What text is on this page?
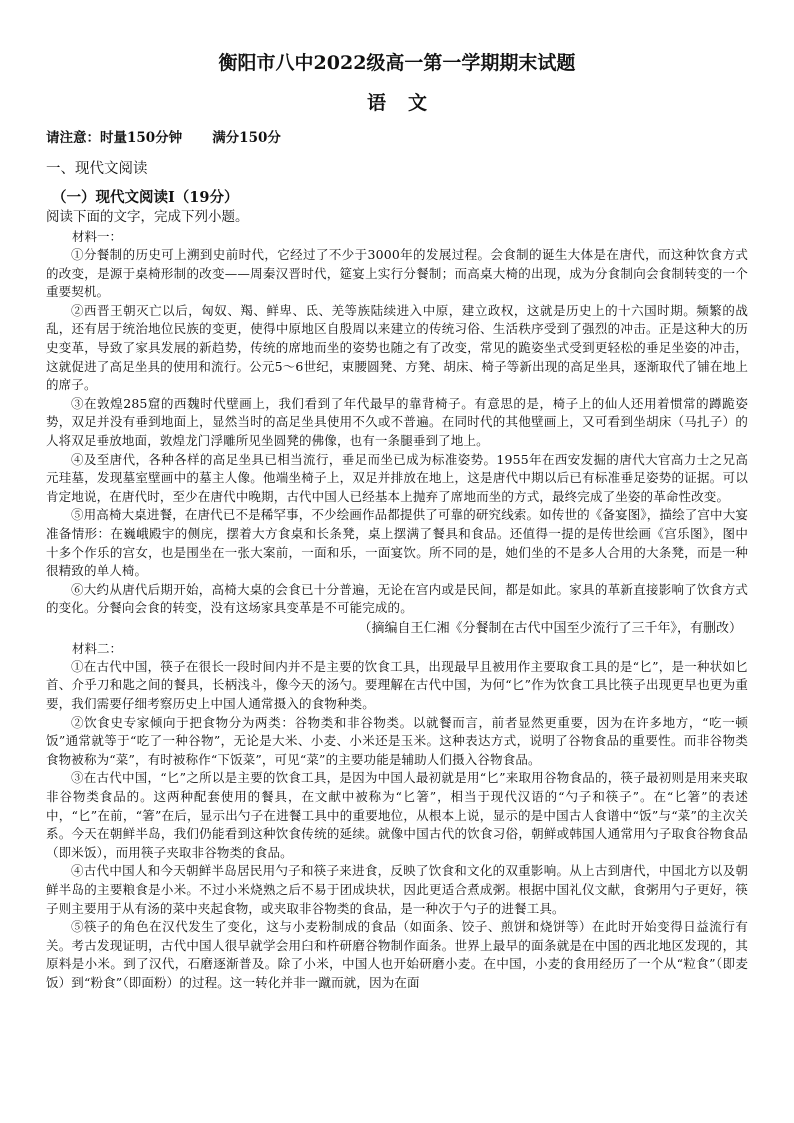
衡阳市八中2022级高一第一学期期末试题
语文
请注意：时量150分钟 满分150分
一、现代文阅读
（一）现代文阅读Ⅰ（19分）
阅读下面的文字，完成下列小题。
材料一：

①分餐制的历史可上溯到史前时代，它经过了不少于3000年的发展过程。会食制的诞生大体是在唐代，而这种饮食方式的改变，是源于桌椅形制的改变——周秦汉晋时代，筵宴上实行分餐制；而高桌大椅的出现，成为分食制向会食制转变的一个重要契机。

②西晋王朝灭亡以后，匈奴、羯、鲜卑、氐、羌等族陆续进入中原，建立政权，这就是历史上的十六国时期。频繁的战乱，还有居于统治地位民族的变更，使得中原地区自殷周以来建立的传统习俗、生活秩序受到了强烈的冲击。正是这种大的历史变革，导致了家具发展的新趋势，传统的席地而坐的姿势也随之有了改变，常见的跪姿坐式受到更轻松的垂足坐姿的冲击，这就促进了高足坐具的使用和流行。公元5～6世纪，束腰圆凳、方凳、胡床、椅子等新出现的高足坐具，逐渐取代了铺在地上的席子。

③在敦煌285窟的西魏时代壁画上，我们看到了年代最早的靠背椅子。有意思的是，椅子上的仙人还用着惯常的蹲跪姿势，双足并没有垂到地面上，显然当时的高足坐具使用不久或不普遍。在同时代的其他壁画上，又可看到坐胡床（马扎子）的人将双足垂放地面，敦煌龙门浮雕所见坐圆凳的佛像，也有一条腿垂到了地上。

④及至唐代，各种各样的高足坐具已相当流行，垂足而坐已成为标准姿势。1955年在西安发掘的唐代大官高力士之兄高元珪墓，发现墓室壁画中的墓主人像。他端坐椅子上，双足并排放在地上，这是唐代中期以后已有标准垂足姿势的证据。可以肯定地说，在唐代时，至少在唐代中晚期，古代中国人已经基本上抛弃了席地而坐的方式，最终完成了坐姿的革命性改变。

⑤用高椅大桌进餐，在唐代已不是稀罕事，不少绘画作品都提供了可靠的研究线索。如传世的《备宴图》，描绘了宫中大宴准备情形：在巍峨殿宇的侧庑，摆着大方食桌和长条凳，桌上摆满了餐具和食品。还值得一提的是传世绘画《宫乐图》，图中十多个作乐的宫女，也是围坐在一张大案前，一面和乐，一面宴饮。所不同的是，她们坐的不是多人合用的大条凳，而是一种很精致的单人椅。

⑥大约从唐代后期开始，高椅大桌的会食已十分普遍，无论在宫内或是民间，都是如此。家具的革新直接影响了饮食方式的变化。分餐向会食的转变，没有这场家具变革是不可能完成的。

（摘编自王仁湘《分餐制在古代中国至少流行了三千年》，有删改）
材料二：

①在古代中国，筷子在很长一段时间内并不是主要的饮食工具，出现最早且被用作主要取食工具的是“匕”，是一种状如匕首、介乎刀和匙之间的餐具，长柄浅斗，像今天的汤勺。要理解在古代中国，为何“匕”作为饮食工具比筷子出现更早也更为重要，我们需要仔细考察历史上中国人通常摄入的食物种类。

②饮食史专家倾向于把食物分为两类：谷物类和非谷物类。以就餐而言，前者显然更重要，因为在许多地方，“吃一顿饭”通常就等于“吃了一种谷物”，无论是大米、小麦、小米还是玉米。这种表达方式，说明了谷物食品的重要性。而非谷物类食物被称为“菜”，有时被称作“下饭菜”，可见“菜”的主要功能是辅助人们摄入谷物食品。

③在古代中国，“匕”之所以是主要的饮食工具，是因为中国人最初就是用“匕”来取用谷物食品的，筷子最初则是用来夹取非谷物类食品的。这两种配套使用的餐具，在文献中被称为“匕箸”，相当于现代汉语的“勺子和筷子”。在“匕箸”的表述中，“匕”在前，“箸”在后，显示出勺子在进餐工具中的重要地位，从根本上说，显示的是中国古人食谱中“饭”与“菜”的主次关系。今天在朝鲜半岛，我们仍能看到这种饮食传统的延续。就像中国古代的饮食习俗，朝鲜或韩国人通常用勺子取食谷物食品（即米饭），而用筷子夹取非谷物类的食品。

④古代中国人和今天朝鲜半岛居民用勺子和筷子来进食，反映了饮食和文化的双重影响。从上古到唐代，中国北方以及朝鲜半岛的主要粮食是小米。不过小米烧熟之后不易于团成块状，因此更适合煮成粥。根据中国礼仪文献，食粥用勺子更好，筷子则主要用于从有汤的菜中夹起食物，或夹取非谷物类的食品，是一种次于勺子的进餐工具。

⑤筷子的角色在汉代发生了变化，这与小麦粉制成的食品（如面条、饺子、煎饼和烧饼等）在此时开始变得日益流行有关。考古发现证明，古代中国人很早就学会用臼和杵研磨谷物制作面条。世界上最早的面条就是在中国的西北地区发现的，其原料是小米。到了汉代，石磨逐渐普及。除了小米，中国人也开始研磨小麦。在中国，小麦的食用经历了一个从“粒食”（即麦饭）到“粉食”（即面粉）的过程。这一转化并非一蹴而就，因为在面
